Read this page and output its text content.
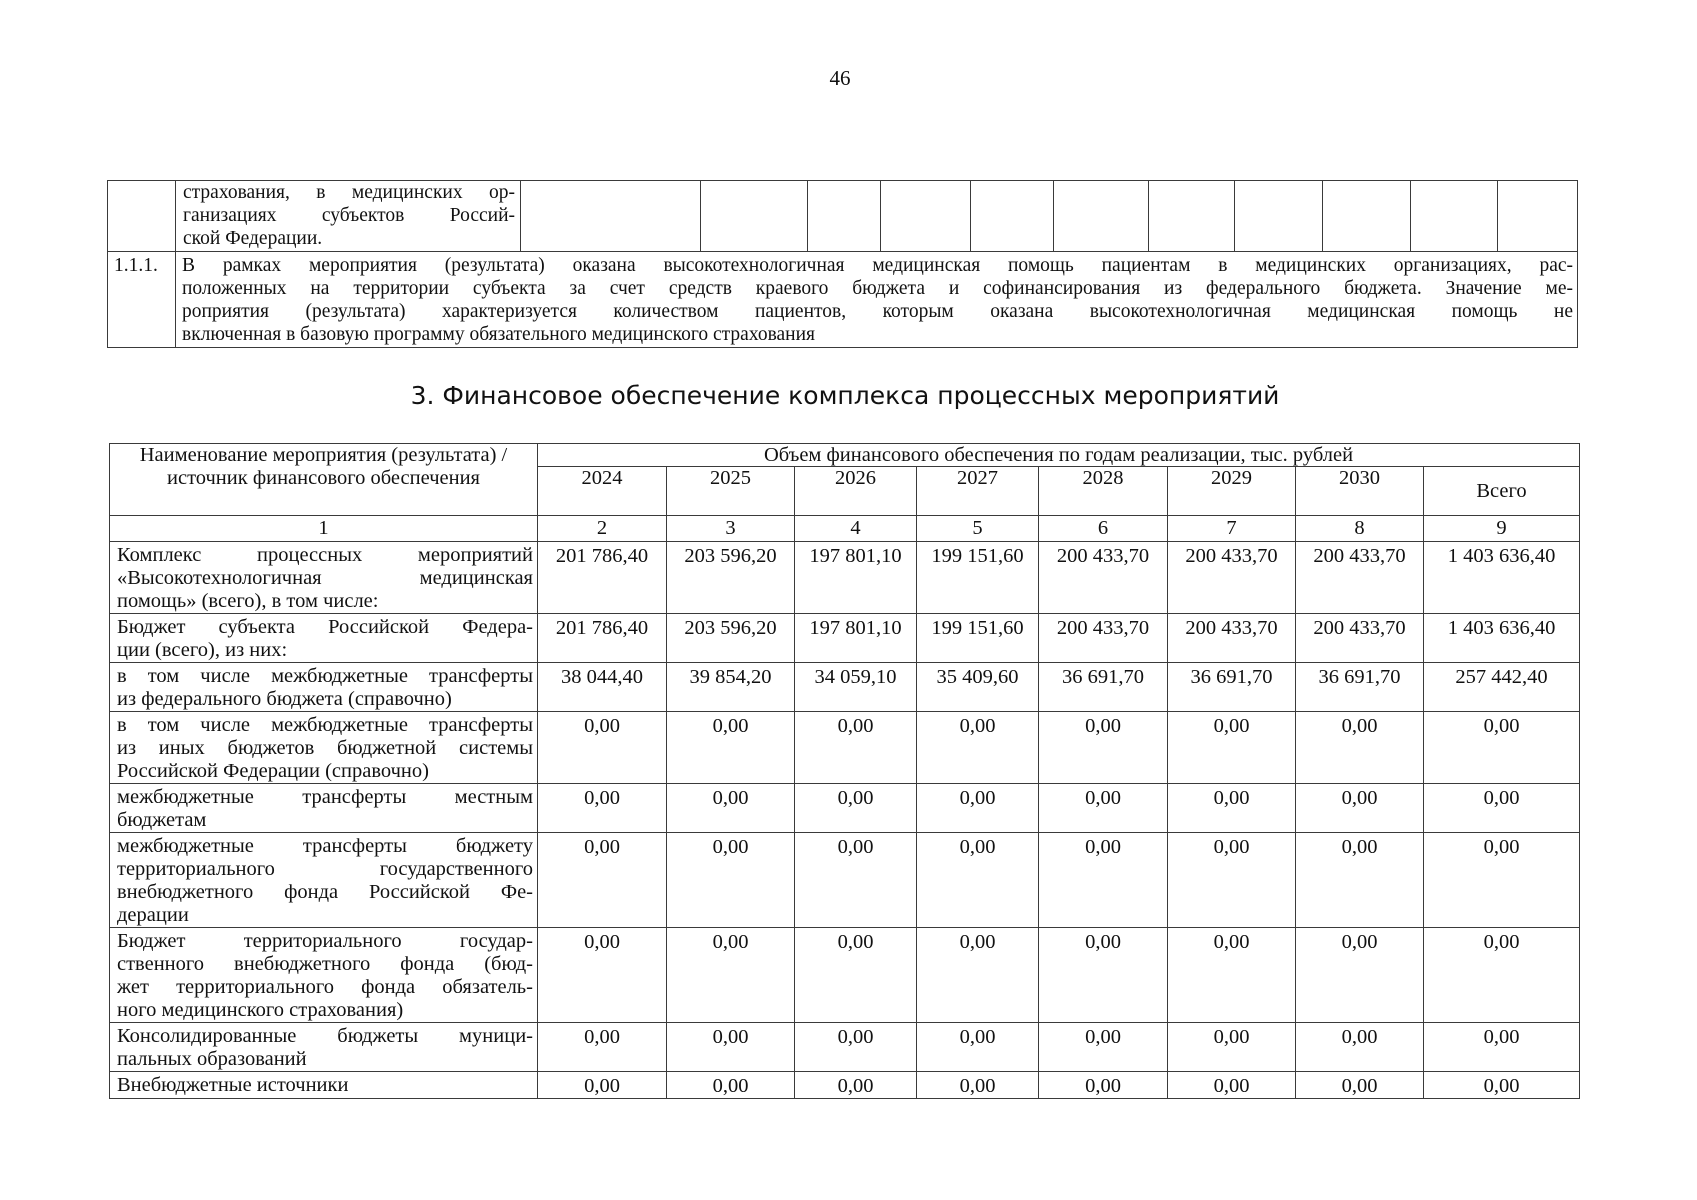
46

	страхования, в медицинских ор-
ганизациях субъектов Россий-
ской Федерации.											

1.1.1.	В рамках мероприятия (результата) оказана высокотехнологичная медицинская помощь пациентам в медицинских организациях, рас-
положенных на территории субъекта за счет средств краевого бюджета и софинансирования из федерального бюджета. Значение ме-
роприятия (результата) характеризуется количеством пациентов, которым оказана высокотехнологичная медицинская помощь не
включенная в базовую программу обязательного медицинского страхования											
3. Финансовое обеспечение комплекса процессных мероприятий
Наименование мероприятия (результата) / источник финансового обеспечения	Объем финансового обеспечения по годам реализации, тыс. рублей							
	2024	2025	2026	2027	2028	2029	2030	Всего
1	2	3	4	5	6	7	8	9

Комплекс процессных мероприятий
«Высокотехнологичная медицинская
помощь» (всего), в том числе:	201 786,40	203 596,20	197 801,10	199 151,60	200 433,70	200 433,70	200 433,70	1 403 636,40

Бюджет субъекта Российской Федера-
ции (всего), из них:	201 786,40	203 596,20	197 801,10	199 151,60	200 433,70	200 433,70	200 433,70	1 403 636,40

в том числе межбюджетные трансферты
из федерального бюджета (справочно)	38 044,40	39 854,20	34 059,10	35 409,60	36 691,70	36 691,70	36 691,70	257 442,40

в том числе межбюджетные трансферты
из иных бюджетов бюджетной системы
Российской Федерации (справочно)	0,00	0,00	0,00	0,00	0,00	0,00	0,00	0,00

межбюджетные трансферты местным
бюджетам	0,00	0,00	0,00	0,00	0,00	0,00	0,00	0,00

межбюджетные трансферты бюджету
территориального государственного
внебюджетного фонда Российской Фе-
дерации	0,00	0,00	0,00	0,00	0,00	0,00	0,00	0,00

Бюджет территориального государ-
ственного внебюджетного фонда (бюд-
жет территориального фонда обязатель-
ного медицинского страхования)	0,00	0,00	0,00	0,00	0,00	0,00	0,00	0,00

Консолидированные бюджеты муници-
пальных образований	0,00	0,00	0,00	0,00	0,00	0,00	0,00	0,00

Внебюджетные источники	0,00	0,00	0,00	0,00	0,00	0,00	0,00	0,00
